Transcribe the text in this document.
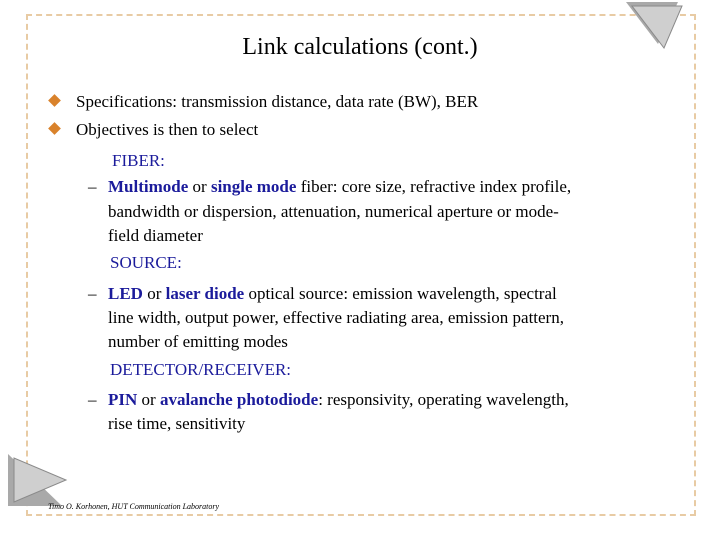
Link calculations (cont.)
Specifications: transmission distance, data rate (BW), BER
Objectives is then to select
FIBER:
– Multimode or single mode fiber: core size, refractive index profile,
bandwidth or dispersion, attenuation, numerical aperture or mode-
field diameter
SOURCE:
– LED or laser diode optical source: emission wavelength, spectral
line width, output power, effective radiating area, emission pattern,
number of emitting modes
DETECTOR/RECEIVER:
– PIN or avalanche photodiode: responsivity, operating wavelength,
rise time, sensitivity
Timo O. Korhonen, HUT Communication Laboratory
